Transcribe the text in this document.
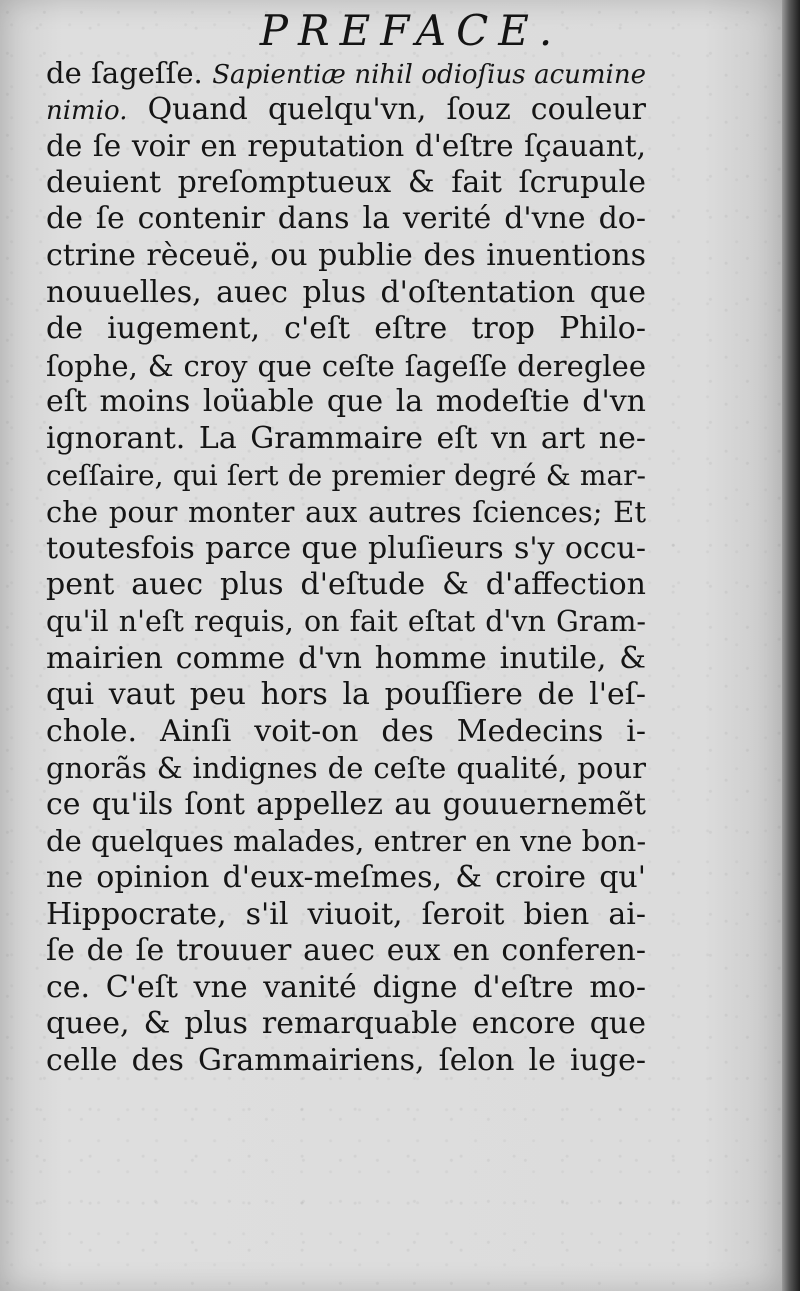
PREFACE.
de ſageſſe. Sapientiæ nihil odioſius acumine
nimio. Quand quelqu'vn, ſouz couleur
de ſe voir en reputation d'eſtre ſçauant,
deuient preſomptueux & fait ſcrupule
de ſe contenir dans la verité d'vne do-
ctrine rèceuë, ou publie des inuentions
nouuelles, auec plus d'oſtentation que
de iugement, c'eſt eſtre trop Philo-
ſophe, & croy que ceſte ſageſſe dereglee
eſt moins loüable que la modeſtie d'vn
ignorant. La Grammaire eſt vn art ne-
ceſſaire, qui ſert de premier degré & mar-
che pour monter aux autres ſciences; Et
toutesfois parce que pluſieurs s'y occu-
pent auec plus d'eſtude & d'affection
qu'il n'eſt requis, on fait eſtat d'vn Gram-
mairien comme d'vn homme inutile, &
qui vaut peu hors la pouſſiere de l'eſ-
chole. Ainſi voit-on des Medecins i-
gnorãs & indignes de ceſte qualité, pour
ce qu'ils ſont appellez au gouuernemẽt
de quelques malades, entrer en vne bon-
ne opinion d'eux-meſmes, & croire qu'
Hippocrate, s'il viuoit, ſeroit bien ai-
ſe de ſe trouuer auec eux en conferen-
ce. C'eſt vne vanité digne d'eſtre mo-
quee, & plus remarquable encore que
celle des Grammairiens, ſelon le iuge-
